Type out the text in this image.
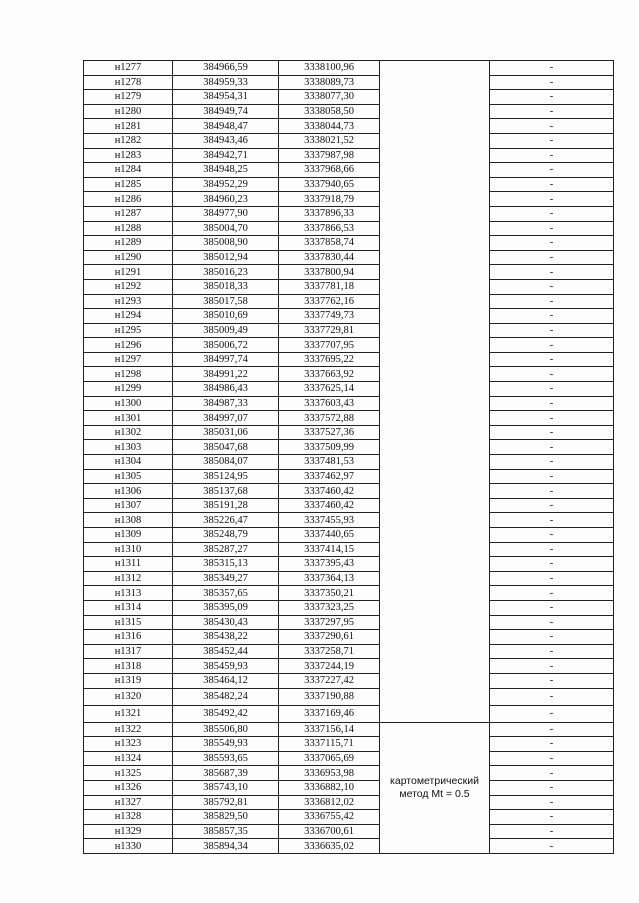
н1277	384966,59	3338100,96		-
н1278	384959,33	3338089,73		-
н1279	384954,31	3338077,30		-
н1280	384949,74	3338058,50		-
н1281	384948,47	3338044,73		-
н1282	384943,46	3338021,52		-
н1283	384942,71	3337987,98		-
н1284	384948,25	3337968,66		-
н1285	384952,29	3337940,65		-
н1286	384960,23	3337918,79		-
н1287	384977,90	3337896,33		-
н1288	385004,70	3337866,53		-
н1289	385008,90	3337858,74		-
н1290	385012,94	3337830,44		-
н1291	385016,23	3337800,94		-
н1292	385018,33	3337781,18		-
н1293	385017,58	3337762,16		-
н1294	385010,69	3337749,73		-
н1295	385009,49	3337729,81		-
н1296	385006,72	3337707,95		-
н1297	384997,74	3337695,22		-
н1298	384991,22	3337663,92		-
н1299	384986,43	3337625,14		-
н1300	384987,33	3337603,43		-
н1301	384997,07	3337572,88		-
н1302	385031,06	3337527,36		-
н1303	385047,68	3337509,99		-
н1304	385084,07	3337481,53		-
н1305	385124,95	3337462,97		-
н1306	385137,68	3337460,42		-
н1307	385191,28	3337460,42		-
н1308	385226,47	3337455,93		-
н1309	385248,79	3337440,65		-
н1310	385287,27	3337414,15		-
н1311	385315,13	3337395,43		-
н1312	385349,27	3337364,13		-
н1313	385357,65	3337350,21		-
н1314	385395,09	3337323,25		-
н1315	385430,43	3337297,95		-
н1316	385438,22	3337290,61		-
н1317	385452,44	3337258,71		-
н1318	385459,93	3337244,19		-
н1319	385464,12	3337227,42		-
н1320	385482,24	3337190,88		-
н1321	385492,42	3337169,46		-
н1322	385506,80	3337156,14	картометрический
метод Mt = 0.5	-
н1323	385549,93	3337115,71		-
н1324	385593,65	3337065,69		-
н1325	385687,39	3336953,98		-
н1326	385743,10	3336882,10		-
н1327	385792,81	3336812,02		-
н1328	385829,50	3336755,42		-
н1329	385857,35	3336700,61		-
н1330	385894,34	3336635,02		-
